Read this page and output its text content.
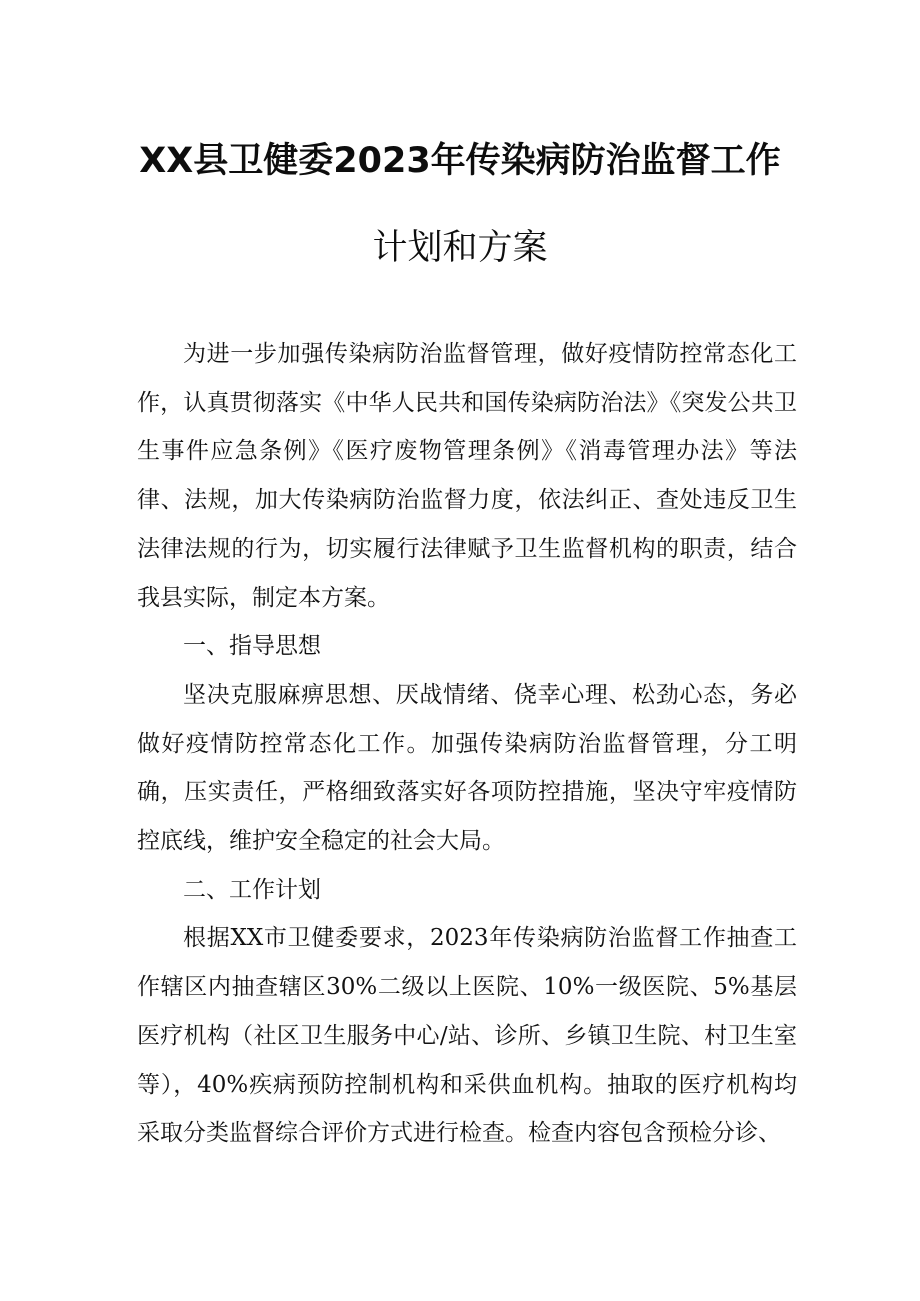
XX县卫健委2023年传染病防治监督工作
计划和方案

为进一步加强传染病防治监督管理，做好疫情防控常态化工作，认真贯彻落实《中华人民共和国传染病防治法》《突发公共卫生事件应急条例》《医疗废物管理条例》《消毒管理办法》等法律、法规，加大传染病防治监督力度，依法纠正、查处违反卫生法律法规的行为，切实履行法律赋予卫生监督机构的职责，结合我县实际，制定本方案。

一、指导思想

坚决克服麻痹思想、厌战情绪、侥幸心理、松劲心态，务必做好疫情防控常态化工作。加强传染病防治监督管理，分工明确，压实责任，严格细致落实好各项防控措施，坚决守牢疫情防控底线，维护安全稳定的社会大局。

二、工作计划

根据XX市卫健委要求，2023年传染病防治监督工作抽查工作辖区内抽查辖区30%二级以上医院、10%一级医院、5%基层医疗机构（社区卫生服务中心/站、诊所、乡镇卫生院、村卫生室等），40%疾病预防控制机构和采供血机构。抽取的医疗机构均采取分类监督综合评价方式进行检查。检查内容包含预检分诊、
